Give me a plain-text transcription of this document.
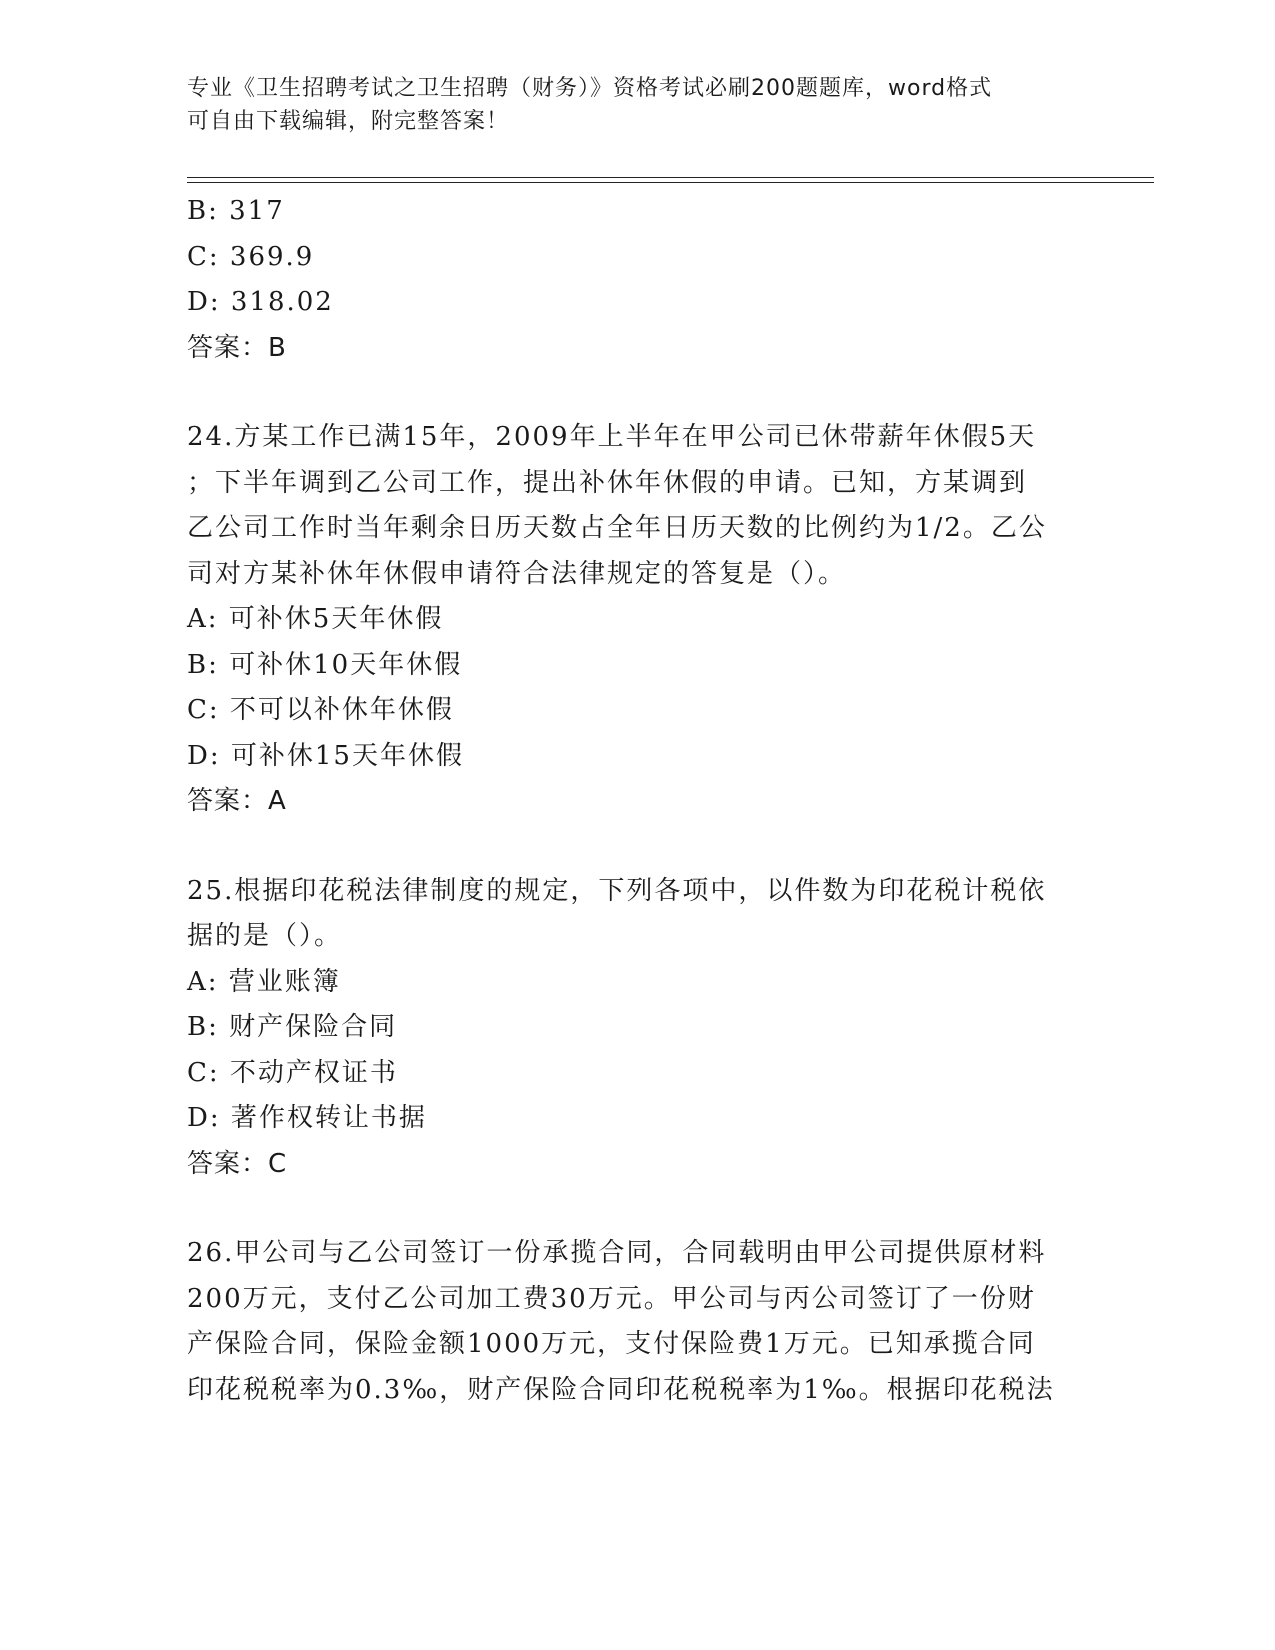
专业《卫生招聘考试之卫生招聘（财务）》资格考试必刷200题题库，word格式
可自由下载编辑，附完整答案！
B: 317
C: 369.9
D: 318.02
答案：B
24.方某工作已满15年，2009年上半年在甲公司已休带薪年休假5天
；下半年调到乙公司工作，提出补休年休假的申请。已知，方某调到
乙公司工作时当年剩余日历天数占全年日历天数的比例约为1/2。乙公
司对方某补休年休假申请符合法律规定的答复是（）。
A: 可补休5天年休假
B: 可补休10天年休假
C: 不可以补休年休假
D: 可补休15天年休假
答案：A
25.根据印花税法律制度的规定，下列各项中，以件数为印花税计税依
据的是（）。
A: 营业账簿
B: 财产保险合同
C: 不动产权证书
D: 著作权转让书据
答案：C
26.甲公司与乙公司签订一份承揽合同，合同载明由甲公司提供原材料
200万元，支付乙公司加工费30万元。甲公司与丙公司签订了一份财
产保险合同，保险金额1000万元，支付保险费1万元。已知承揽合同
印花税税率为0.3‰，财产保险合同印花税税率为1‰。根据印花税法
